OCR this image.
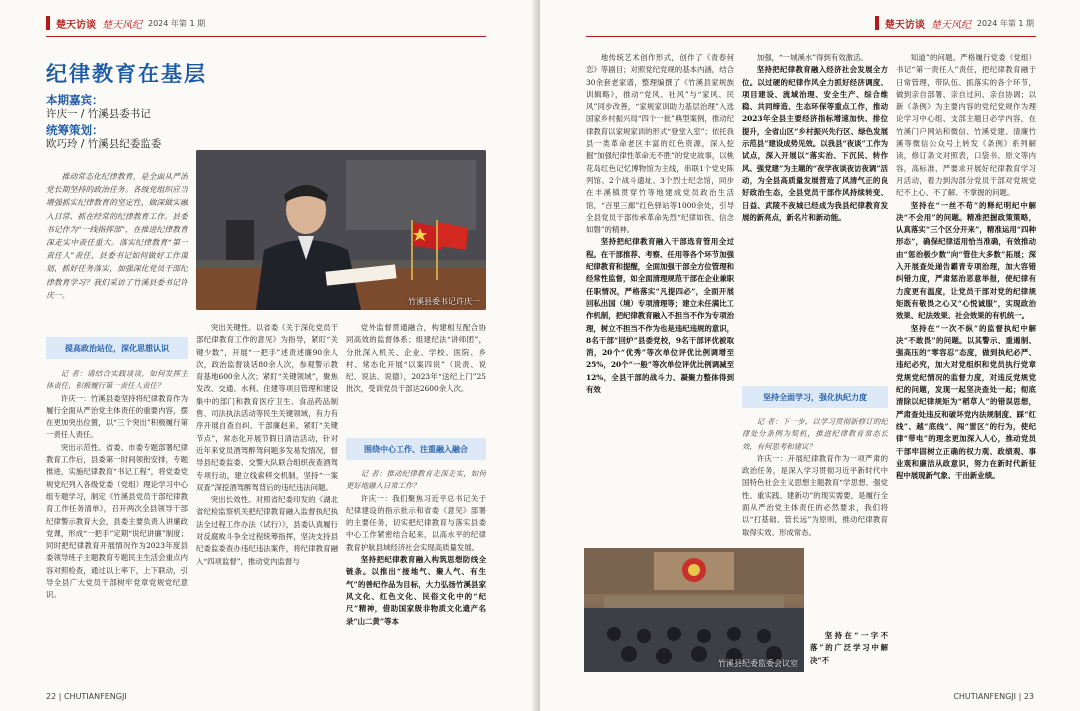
楚天访谈 楚天风纪 2024 年第 1 期
纪律教育在基层
本期嘉宾：
许庆一 / 竹溪县委书记
统筹策划：
欧巧玲 / 竹溪县纪委监委
推动常态化纪律教育，是全面从严治党长期坚持的政治任务。各级党组织应当增强抓实纪律教育的坚定性，做深做实融入日常、抓在经常的纪律教育工作。县委书记作为“一线指挥部”，在推进纪律教育深走实中责任重大。落实纪律教育“第一责任人”责任，县委书记如何做好工作谋划、抓好任务落实，加强深化党员干部纪律教育学习？我们采访了竹溪县委书记许庆一。
竹溪县委书记许庆一
提高政治站位，深化思想认识

记 者：请结合实践谈谈，如何发挥主体责任，积极履行第一责任人责任？

许庆一：竹溪县委坚持将纪律教育作为履行全面从严治党主体责任的重要内容，摆在更加突出位置，以“三个突出”积极履行第一责任人责任。

突出示范性。省委、市委专题部署纪律教育工作后，县委第一时间领衔安排，专题推进，实施纪律教育“书记工程”，将党委党规党纪列入各级党委（党组）理论学习中心组专题学习，制定《竹溪县党员干部纪律教育工作任务清单》，召开两次全县领导干部纪律警示教育大会，县委主要负责人讲廉政党课，形成“一把手”定期“说纪讲廉”制度；同时把纪律教育开展情况作为2023年度县委领导班子主题教育专题民主生活会重点内容对照检查，通过以上率下，上下联动，引导全县广大党员干部树牢党章党规党纪意识。

突出关键性。以省委《关于深化党员干部纪律教育工作的意见》为指导，紧盯“关键少数”，开展“一把手”述责述廉90余人次，政治监督谈话80余人次，参观警示教育基地600余人次；紧盯“关键领域”，聚焦发改、交通、水利、住建等项目管理和建设集中的部门和教育医疗卫生、食品药品制售、司法执法活动等民生关键领域，有力有序开展自查自纠、干部廉赵来，紧盯“关键节点”，常态化开展节假日清洁活动，针对近年来党员酒驾醉驾问题多发易发情况，督导县纪委监委、交警大队联合组织夜查酒驾专项行动，建立线索移交机制，坚持“一案双查”深挖酒驾醉驾背后的违纪违法问题。

突出长效性。对照省纪委印发的《湖北省纪检监察机关把纪律教育融入监督执纪执法全过程工作办法（试行）》，县委认真履行对反腐败斗争全过程统筹指挥，坚决支持县纪委监委查办违纪违法案件，将纪律教育融入“四项监督”，推动党内监督与

党外监督贯通融合，构建相互配合协同高效的监督体系；组建纪法“讲师团”，分批深入机关、企业、学校、医院、乡村、常态化开展“以案四说”（说责、说纪、说法、说德），2023年“送纪上门”25批次，受训党员干部达2600余人次。

围绕中心工作、注重融入融合

记 者：推动纪律教育走深走实，如何更好地融入日常工作？

许庆一：我们聚焦习近平总书记关于纪律建设的指示批示和省委《意见》部署的主要任务，切实把纪律教育与落实县委中心工作紧密结合起来，以高水平的纪律教育护航县域经济社会实现高质量发展。

坚持把纪律教育融入构筑思想防线全链条。以推出“接地气、聚人气、有生气”的善纪作品为目标，大力弘扬竹溪县家风文化、红色文化、民俗文化中的“纪尺”精神，借助国家级非物质文化遗产名录“山二黄”等本

22 | CHUTIANFENGJI
楚天访谈 楚天风纪 2024 年第 1 期

地传统艺术创作形式，创作了《青春何恋》等剧目；对照党纪党规的基本内涵，结合30余套老家谱，整理编撰了《竹溪县家规族训辑略》，推动“党风、社风”与“家风、民风”同步改善，“家规家训助力基层治理”入选国家乡村振兴局“四个一批”典型案例，推动纪律教育以家规家训的形式“登堂入室”；依托我县一类革命老区丰富的红色资源，深入挖掘“加强纪律性革命无不胜”的党史故事，以桃花岛红色记忆博物馆为主线，串联1个党史陈列馆、2个战斗遗址、3个烈士纪念馆，同步在丰溪镇贯穿竹等地建成党员政治生活馆，“百里三廊”红色驿站等1000余处，引导全县党员干部传承革命先烈“纪律如铁、信念如磐”的精神。

坚持把纪律教育融入干部选育管用全过程。在干部推荐、考察、任用等各个环节加强纪律教育和提醒，全面加强干部全方位管理和经常性监督，如全面清理规范干部在企业兼职任职情况，严格落实“凡提四必”，全面开展回私出国（境）专项清理等；建立未任满比工作机制，把纪律教育融入不担当不作为专项治理，树立不担当不作为也是违纪违规的意识，8名干部“回炉”县委党校，9名干部评优被取消，20个“优秀”等次单位评优比例调增至25%，20个“一般”等次单位评优比例调减至12%，全县干部的战斗力、凝聚力整体得到有效

加强，“一城溪水”得到有效激活。

坚持把纪律教育融入经济社会发展全方位。以过硬的纪律作风全力抓好经济调度、项目建设、流域治理、安全生产、综合维稳、共同缔造、生态环保等重点工作，推动2023年全县主要经济指标增速加快、排位提升，全省山区“乡村振兴先行区、绿色发展示范县”建设成势见效。以我县“夜谈”工作为试点，深入开展以“落实治、下沉民、转作风、强党建”为主题的“夜学夜谈夜访夜调”活动，为全县高质量发展营造了风清气正的良好政治生态，全县党员干部作风持续转变、日益、武陵不夜城已经成为我县纪律教育发展的新亮点，新名片和新动能。

坚持全面学习，强化执纪力度

记 者：下一步，以学习贯彻新修订的纪律处分条例为契机，推进纪律教育常态长效，有何思考和建议？

许庆一：开展纪律教育作为一项严肃的政治任务，是深入学习贯彻习近平新时代中国特色社会主义思想主题教育“学思想、强党性、重实践、建新功”的现实需要，是履行全面从严治党主体责任的必然要求，我们将以“打基础、管长远”为原则，推动纪律教育取得实效、形成常态。

坚持在“一字不落”的广泛学习中解决“不

竹溪县纪委监委会议室

知道”的问题。严格履行党委（党组）书记“第一责任人”责任，把纪律教育融于日常管理，带队伍、抓落实的各个环节，做到亲自部署、亲自过问、亲自协调；以新《条例》为主要内容的党纪党规作为理论学习中心组、支部主题日必学内容，在竹溪门户网站和微信、竹溪党建、清廉竹溪等微信公众号上转发《条例》系列解读，修订条文对照表，口袋书、原文等内容，高标准、严要求开展好纪律教育学习月活动，着力到沟部分党员干部对党规党纪不上心、不了解、不掌握的问题。

坚持在“一丝不苟”的释纪明纪中解决“不会用”的问题。精准把握政策策略，认真落实“三个区分开来”，精准运用“四种形态”，确保纪律适用恰当准确，有效推动由“惩治极少数”向“管住大多数”拓展；深入开展查处递告霸青专项治理，加大容错纠错力度，严肃惩治恶意举报，使纪律有力度更有温度，让党员干部对党的纪律规矩既有敬畏之心又“心悦诚服”，实现政治效果、纪法效果、社会效果的有机统一。

坚持在“一次不纵”的监督执纪中解决“不敢畏”的问题。以其警示、重遏制、强高压的“零容忍”态度，做到执纪必严、违纪必究，加大对党组织和党员执行党章党规党纪情况的监督力度，对违反党规党纪的问题，发现一起坚决查处一起；彻底清除以纪律规矩为“稻草人”的错误思想，严肃查处违反和破坏党内法规制度、踩“红线”、越“底线”、闯“雷区”的行为，使纪律“带电”的理念更加深入人心，推动党员干部牢固树立正确的权力观、政绩观、事业观和廉洁从政意识，努力在新时代新征程中展现新气象、干出新业绩。

CHUTIANFENGJI | 23
